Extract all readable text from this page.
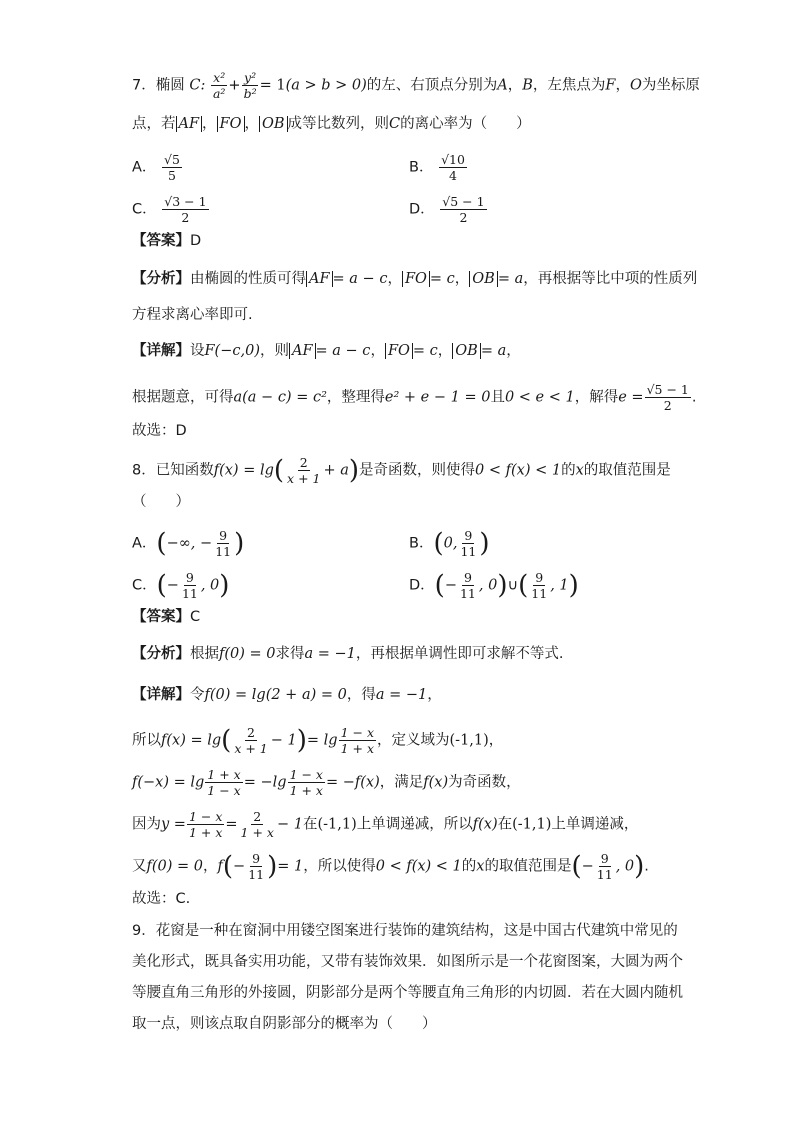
7．椭圆 C: $\frac{\text{x²}}{\text{a²}} + \frac{\text{y²}}{\text{b²}} = 1(a > b > 0)$的左、右顶点分别为A，B，左焦点为F，O为坐标原
点，若 AF ， FO ， OB 成等比数列，则C的离心率为（　　）
A． $\frac{√5}{5}$	B． $\frac{√10}{4}$
C． $\frac{√3 - 1}{2}$	D． $\frac{√5 - 1}{2}$
【答案】D
【分析】由椭圆的性质可得 AF = a − c， FO = c， OB = a，再根据等比中项的性质列
方程求离心率即可.
【详解】设F(−c,0)，则 AF = a − c， FO = c， OB = a，
根据题意，可得a(a − c) = c²，整理得e² + e − 1 = 0且0 < e < 1，解得$e = \frac{√5 - 1}{2}$ .
故选：D
8．已知函数$f(x) = \lg( \frac{2}{x + 1} + a)$是奇函数，则使得0 < f(x) < 1的x的取值范围是
（　　）
A．(−∞, − $\frac{9}{11}$ )	B．(0, $\frac{9}{11}$ )
C．(− $\frac{9}{11}$ , 0)	D．(− $\frac{9}{11}$ , 0)∪( $\frac{9}{11}$ , 1)
【答案】C
【分析】根据f(0) = 0求得a = −1，再根据单调性即可求解不等式.
【详解】令f(0) = lg(2 + a) = 0，得a = −1，
所以$f(x) = \lg( \frac{2}{x + 1} - 1)= \lg \frac{1 - x}{1 + x}$ ，定义域为(-1,1)，
$f(-x) = \lg \frac{1 + x}{1 - x} = -\lg \frac{1 - x}{1 + x} = -f(x)$，满足f(x)为奇函数，
因为$y = \frac{1 - x}{1 + x} = \frac{2}{1 + x} - 1$在(-1,1)上单调递减，所以f(x)在(-1,1)上单调递减，
又f(0) = 0，$f(- \frac{9}{11}$ )= 1，所以使得0 < f(x) < 1的x的取值范围是(− $\frac{9}{11}$ , 0).
故选：C.
9．花窗是一种在窗洞中用镂空图案进行装饰的建筑结构，这是中国古代建筑中常见的
美化形式，既具备实用功能，又带有装饰效果．如图所示是一个花窗图案，大圆为两个
等腰直角三角形的外接圆，阴影部分是两个等腰直角三角形的内切圆．若在大圆内随机
取一点，则该点取自阴影部分的概率为（　　）
